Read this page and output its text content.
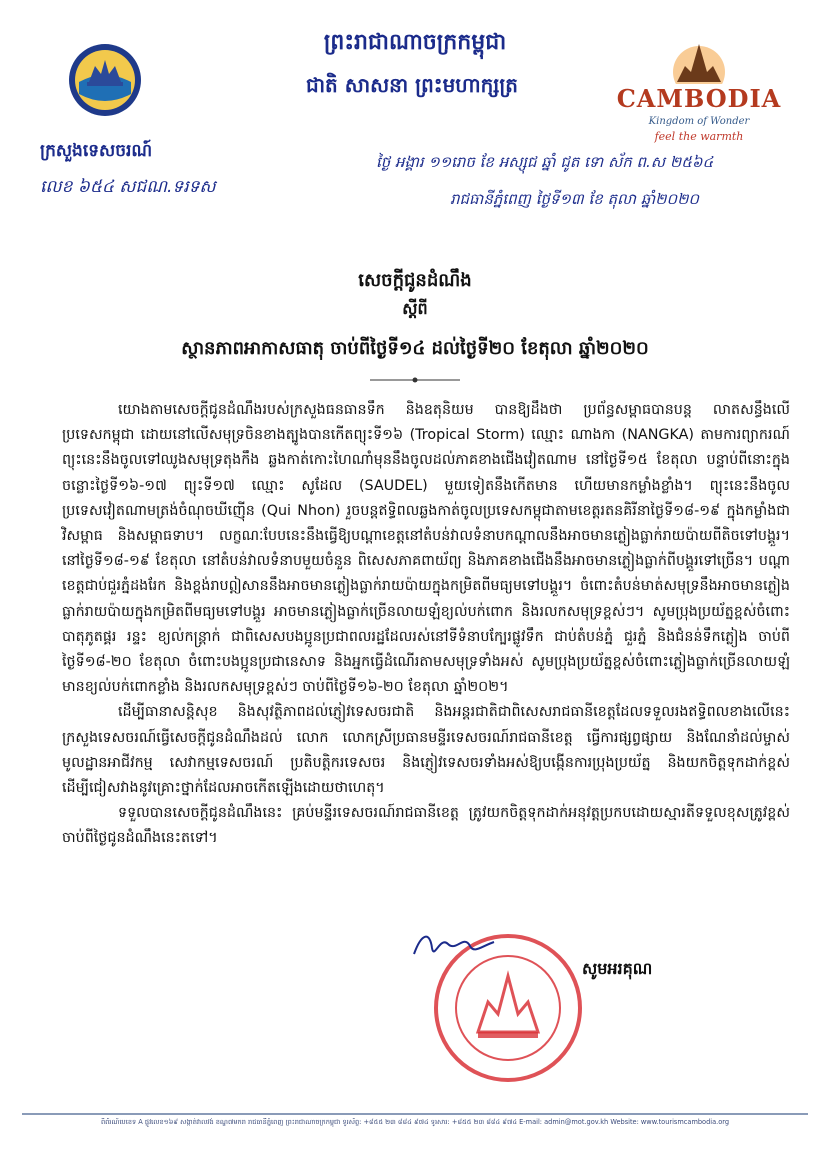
ព្រះរាជាណាចក្រកម្ពុជា
ជាតិ សាសនា ព្រះមហាក្សត្រ	CAMBODIA
Kingdom of Wonder
feel the warmth
ក្រសួងទេសចរណ៍
លេខ ៦៥៤ សជណ.ទរទស
ថ្ងៃ អង្គារ ១១រោច ខែ អស្សុជ ឆ្នាំ ជូត ទោ ស័ក ព.ស ២៥៦៤
រាជធានីភ្នំពេញ ថ្ងៃទី១៣ ខែ តុលា ឆ្នាំ២០២០
សេចក្តីជូនដំណឹង
ស្តីពី
ស្ថានភាពអាកាសធាតុ ចាប់ពីថ្ងៃទី១៤ ដល់ថ្ងៃទី២០ ខែតុលា ឆ្នាំ២០២០

យោងតាមសេចក្តីជូនដំណឹងរបស់ក្រសួងធនធានទឹក និងឧតុនិយម បានឱ្យដឹងថា ប្រព័ន្ធសម្ពាធបានបន្ត លាតសន្ធឹងលើប្រទេសកម្ពុជា ដោយនៅលើសមុទ្រចិនខាងត្បូងបានកើតព្យុះទី១៦ (Tropical Storm) ឈ្មោះ ណាងកា (NANGKA) តាមការព្យាករណ៍ព្យុះនេះនឹងចូលទៅឈូងសមុទ្រតុងកឹង ឆ្លងកាត់កោះហៃណាំមុននឹងចូលដល់ភាគខាងជើងវៀតណាម នៅថ្ងៃទី១៥ ខែតុលា បន្ទាប់ពីនោះក្នុងចន្លោះថ្ងៃទី១៦-១៧ ព្យុះទី១៧ ឈ្មោះ សូដែល (SAUDEL) មួយទៀតនឹងកើតមាន ហើយមានកម្លាំងខ្លាំង។ ព្យុះនេះនឹងចូលប្រទេសវៀតណាមត្រង់ចំណុចឃីញ៉ើន (Qui Nhon) រួចបន្តឥទ្ធិពលឆ្លងកាត់ចូលប្រទេសកម្ពុជាតាមខេត្តរតនគិរីនាថ្ងៃទី១៨-១៩ ក្នុងកម្លាំងជាវិសម្ពាធ និងសម្ពាធទាប។ លក្ខណៈបែបនេះនឹងធ្វើឱ្យបណ្តាខេត្តនៅតំបន់វាលទំនាបកណ្តាលនឹងអាចមានភ្លៀងធ្លាក់រាយប៉ាយពីតិចទៅបង្គួរ។ នៅថ្ងៃទី១៨-១៩ ខែតុលា នៅតំបន់វាលទំនាបមួយចំនួន ពិសេសភាគពាយ័ព្យ និងភាគខាងជើងនឹងអាចមានភ្លៀងធ្លាក់ពីបង្គួរទៅច្រើន។ បណ្តាខេត្តជាប់ជួរភ្នំដងរែក និងខ្ពង់រាបឦសាននឹងអាចមានភ្លៀងធ្លាក់រាយប៉ាយក្នុងកម្រិតពីមធ្យមទៅបង្គួរ។ ចំពោះតំបន់មាត់សមុទ្រនឹងអាចមានភ្លៀងធ្លាក់រាយប៉ាយក្នុងកម្រិតពីមធ្យមទៅបង្គួរ អាចមានភ្លៀងធ្លាក់ច្រើនលាយឡំខ្យល់បក់ពោក និងរលកសមុទ្រខ្ពស់ៗ។ សូមប្រុងប្រយ័ត្នខ្ពស់ចំពោះបាតុភូតផ្គរ រន្ទះ ខ្យល់កន្ត្រាក់ ជាពិសេសបងប្អូនប្រជាពលរដ្ឋដែលរស់នៅទីទំនាបក្បែរផ្លូវទឹក ជាប់តំបន់ភ្នំ ជួរភ្នំ និងជំនន់ទឹកភ្លៀង ចាប់ពីថ្ងៃទី១៨-២០ ខែតុលា ចំពោះបងប្អូនប្រជានេសាទ និងអ្នកធ្វើដំណើរតាមសមុទ្រទាំងអស់ សូមប្រុងប្រយ័ត្នខ្ពស់ចំពោះភ្លៀងធ្លាក់ច្រើនលាយឡំមានខ្យល់បក់ពោកខ្លាំង និងរលកសមុទ្រខ្ពស់ៗ ចាប់ពីថ្ងៃទី១៦-២០ ខែតុលា ឆ្នាំ២០២។

ដើម្បីធានាសន្តិសុខ និងសុវត្ថិភាពដល់ភ្ញៀវទេសចរជាតិ និងអន្តរជាតិជាពិសេសរាជធានីខេត្តដែលទទួលរងឥទ្ធិពលខាងលើនេះ ក្រសួងទេសចរណ៍ធ្វើសេចក្តីជូនដំណឹងដល់ លោក លោកស្រីប្រធានមន្ទីរទេសចរណ៍រាជធានីខេត្ត ធ្វើការផ្សព្វផ្សាយ និងណែនាំដល់ម្ចាស់មូលដ្ឋានអាជីវកម្ម សេវាកម្មទេសចរណ៍ ប្រតិបត្តិករទេសចរ និងភ្ញៀវទេសចរទាំងអស់ឱ្យបង្កើនការប្រុងប្រយ័ត្ន និងយកចិត្តទុកដាក់ខ្ពស់ ដើម្បីជៀសវាងនូវគ្រោះថ្នាក់ដែលអាចកើតឡើងដោយថាហេតុ។

ទទួលបានសេចក្តីជូនដំណឹងនេះ គ្រប់មន្ទីរទេសចរណ៍រាជធានីខេត្ត ត្រូវយកចិត្តទុកដាក់អនុវត្តប្រកបដោយស្មារតីទទួលខុសត្រូវខ្ពស់ចាប់ពីថ្ងៃជូនដំណឹងនេះតទៅ។

សូមអរគុណ
ពិព័រណ៍បេខេទ A ផ្លូវលេខ១៦៩ សង្កាត់វាលវង់ ខណ្ឌ៧មករា រាជធានីភ្នំពេញ ព្រះរាជាណាចក្រកម្ពុជា ទូរស័ព្ទ: +៨៥៥ ២៣ ៨៨៤ ៩៧៤ ទូរសារ: +៨៥៥ ២៣ ៨៨៤ ៩៧៤ E-mail: admin@mot.gov.kh Website: www.tourismcambodia.org
